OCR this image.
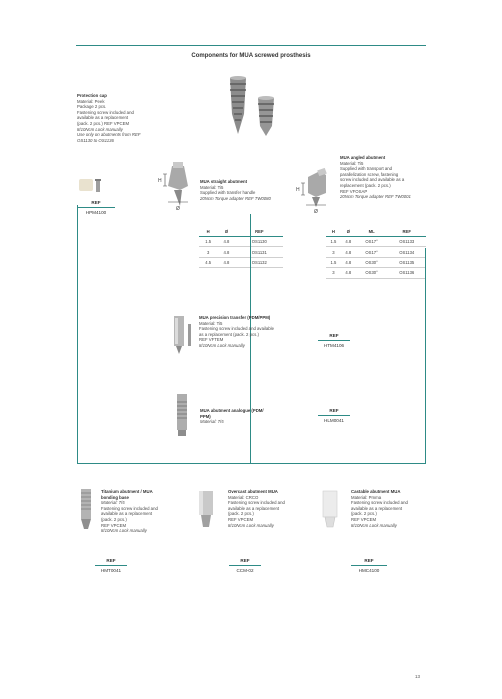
Components for MUA screwed prosthesis
Protection cap
Material: Peek
Package 2 pcs.
Fastening screw included and
available as a replacement
(pack. 2 pcs.) REF VPCEM
8/10Ncm Lock manually
Use only on abutments from REF
OS1130 to OS1136
REF
HPM4100
H
Ø
MUA straight abutment
Material: Ti5
Supplied with transfer handle
20Ncm Torque adapter REF TW0080
H	Ø	REF
1.5	4.8	OS1130
3	4.8	OS1131
4.5	4.8	OS1132
MUA angled abutment
Material: Ti5
Supplied with transport and
parallelization screw, fastening
screw included and available as a
replacement (pack. 2 pcs.)
REF VFOSAP
20Ncm Torque adapter REF TW0001
H
Ø
H	Ø	ML	REF
1.5	4.8	OS17°	OS1133
3	4.8	OS17°	OS1134
1.5	4.8	OS30°	OS1135
3	4.8	OS30°	OS1136
MUA precision transfer (PDM/PPM)
Material: Ti5
Fastening screw included and available
as a replacement (pack. 2 pcs.)
REF VFTEM
8/10Ncm Lock manually
REF
HTM4106
MUA abutment analogue (PDM/
PPM)
Material: Ti5
REF
HLM0041
Titanium abutment / MUA
bonding base
Material: Ti5
Fastening screw included and
available as a replacement
(pack. 2 pcs.)
REF VPCEM
8/10Ncm Lock manually
REF
HMT0041
Overcast abutment MUA
Material: CRCO
Fastening screw included and
available as a replacement
(pack. 2 pcs.)
REF VPCEM
8/10Ncm Lock manually
REF
CCM-02
Castable abutment MUA
Material: Pmma
Fastening screw included and
available as a replacement
(pack. 2 pcs.)
REF VPCEM
8/10Ncm Lock manually
REF
HMC4100
13
